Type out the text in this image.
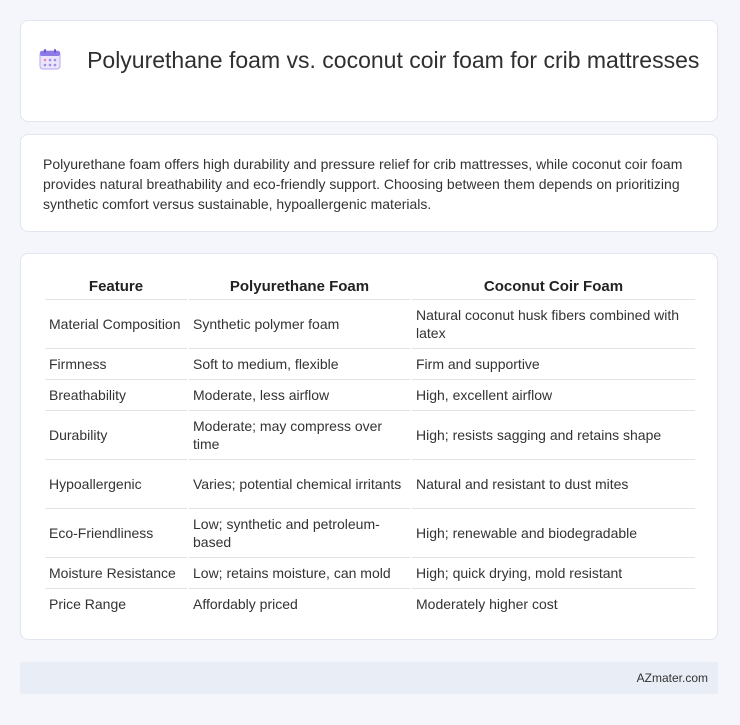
Polyurethane foam vs. coconut coir foam for crib mattresses

Polyurethane foam offers high durability and pressure relief for crib mattresses, while coconut coir foam provides natural breathability and eco-friendly support. Choosing between them depends on prioritizing synthetic comfort versus sustainable, hypoallergenic materials.

Feature	Polyurethane Foam	Coconut Coir Foam
Material Composition	Synthetic polymer foam	Natural coconut husk fibers combined with latex
Firmness	Soft to medium, flexible	Firm and supportive
Breathability	Moderate, less airflow	High, excellent airflow
Durability	Moderate; may compress over time	High; resists sagging and retains shape
Hypoallergenic	Varies; potential chemical irritants	Natural and resistant to dust mites
Eco-Friendliness	Low; synthetic and petroleum-based	High; renewable and biodegradable
Moisture Resistance	Low; retains moisture, can mold	High; quick drying, mold resistant
Price Range	Affordably priced	Moderately higher cost
AZmater.com
